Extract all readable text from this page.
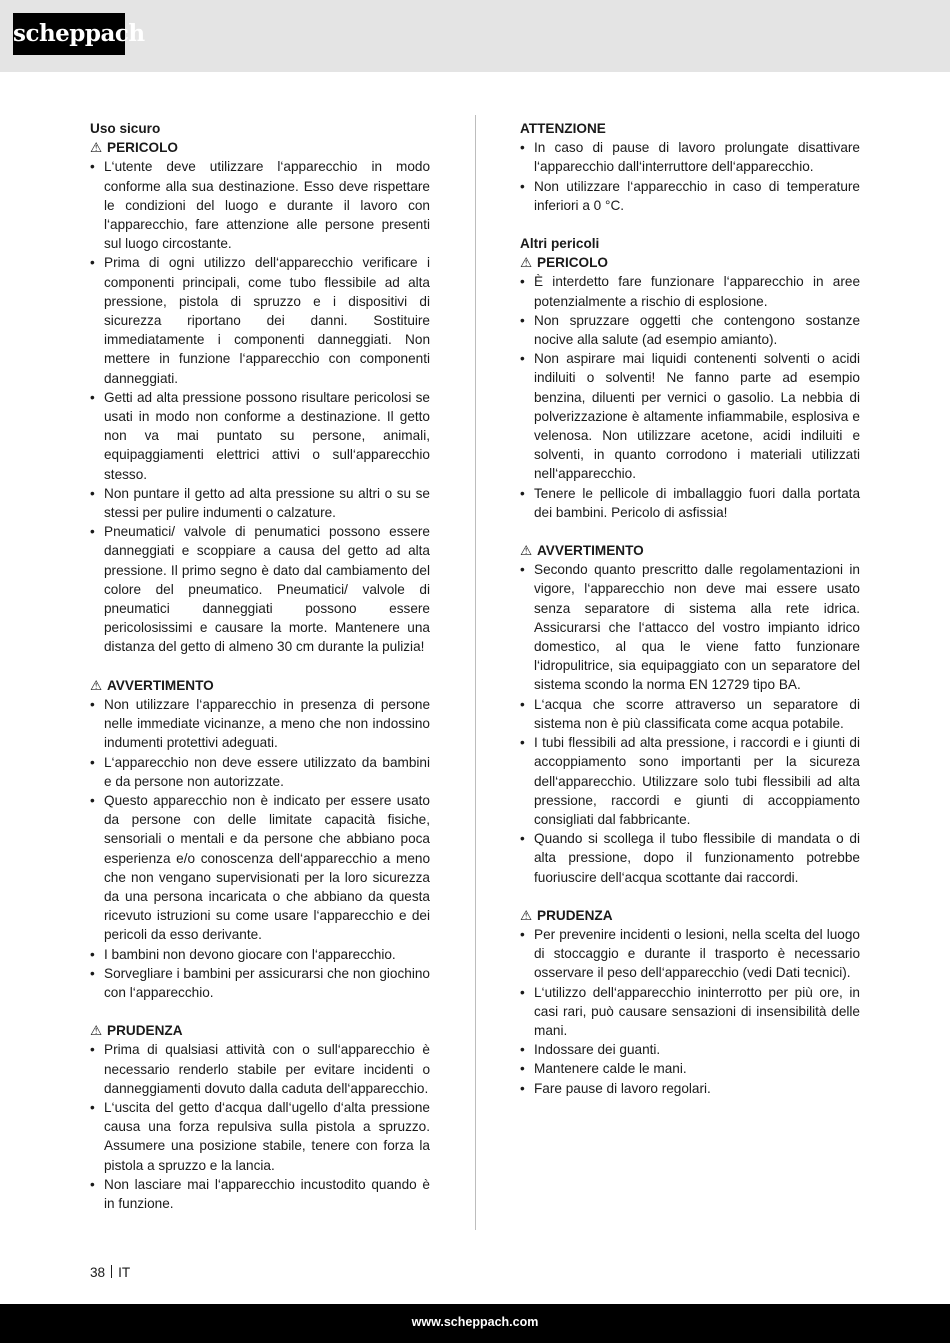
scheppach

Uso sicuro

⚠ PERICOLO

• L‘utente deve utilizzare l‘apparecchio in modo conforme alla sua destinazione. Esso deve rispettare le condizioni del luogo e durante il lavoro con l‘apparecchio, fare attenzione alle persone presenti sul luogo circostante.
• Prima di ogni utilizzo dell‘apparecchio verificare i componenti principali, come tubo flessibile ad alta pressione, pistola di spruzzo e i dispositivi di sicurezza riportano dei danni. Sostituire immediatamente i componenti danneggiati. Non mettere in funzione l‘apparecchio con componenti danneggiati.
• Getti ad alta pressione possono risultare pericolosi se usati in modo non conforme a destinazione. Il getto non va mai puntato su persone, animali, equipaggiamenti elettrici attivi o sull‘apparecchio stesso.
• Non puntare il getto ad alta pressione su altri o su se stessi per pulire indumenti o calzature.
• Pneumatici/ valvole di penumatici possono essere danneggiati e scoppiare a causa del getto ad alta pressione. Il primo segno è dato dal cambiamento del colore del pneumatico. Pneumatici/ valvole di pneumatici danneggiati possono essere pericolosissimi e causare la morte. Mantenere una distanza del getto di almeno 30 cm durante la pulizia!

⚠ AVVERTIMENTO

• Non utilizzare l‘apparecchio in presenza di persone nelle immediate vicinanze, a meno che non indossino indumenti protettivi adeguati.
• L‘apparecchio non deve essere utilizzato da bambini e da persone non autorizzate.
• Questo apparecchio non è indicato per essere usato da persone con delle limitate capacità fisiche, sensoriali o mentali e da persone che abbiano poca esperienza e/o conoscenza dell‘apparecchio a meno che non vengano supervisionati per la loro sicurezza da una persona incaricata o che abbiano da questa ricevuto istruzioni su come usare l‘apparecchio e dei pericoli da esso derivante.
• I bambini non devono giocare con l‘apparecchio.
• Sorvegliare i bambini per assicurarsi che non giochino con l‘apparecchio.

⚠ PRUDENZA

• Prima di qualsiasi attività con o sull‘apparecchio è necessario renderlo stabile per evitare incidenti o danneggiamenti dovuto dalla caduta dell‘apparecchio.
• L‘uscita del getto d‘acqua dall‘ugello d‘alta pressione causa una forza repulsiva sulla pistola a spruzzo. Assumere una posizione stabile, tenere con forza la pistola a spruzzo e la lancia.
• Non lasciare mai l‘apparecchio incustodito quando è in funzione.

ATTENZIONE

• In caso di pause di lavoro prolungate disattivare l‘apparecchio dall‘interruttore dell‘apparecchio.
• Non utilizzare l‘apparecchio in caso di temperature inferiori a 0 °C.

Altri pericoli

⚠ PERICOLO

• È interdetto fare funzionare l‘apparecchio in aree potenzialmente a rischio di esplosione.
• Non spruzzare oggetti che contengono sostanze nocive alla salute (ad esempio amianto).
• Non aspirare mai liquidi contenenti solventi o acidi indiluiti o solventi! Ne fanno parte ad esempio benzina, diluenti per vernici o gasolio. La nebbia di polverizzazione è altamente infiammabile, esplosiva e velenosa. Non utilizzare acetone, acidi indiluiti e solventi, in quanto corrodono i materiali utilizzati nell‘apparecchio.
• Tenere le pellicole di imballaggio fuori dalla portata dei bambini. Pericolo di asfissia!

⚠ AVVERTIMENTO

• Secondo quanto prescritto dalle regolamentazioni in vigore, l‘apparecchio non deve mai essere usato senza separatore di sistema alla rete idrica. Assicurarsi che l‘attacco del vostro impianto idrico domestico, al qua le viene fatto funzionare l‘idropulitrice, sia equipaggiato con un separatore del sistema scondo la norma EN 12729 tipo BA.
• L‘acqua che scorre attraverso un separatore di sistema non è più classificata come acqua potabile.
• I tubi flessibili ad alta pressione, i raccordi e i giunti di accoppiamento sono importanti per la sicureza dell‘apparecchio. Utilizzare solo tubi flessibili ad alta pressione, raccordi e giunti di accoppiamento consigliati dal fabbricante.
• Quando si scollega il tubo flessibile di mandata o di alta pressione, dopo il funzionamento potrebbe fuoriuscire dell‘acqua scottante dai raccordi.

⚠ PRUDENZA

• Per prevenire incidenti o lesioni, nella scelta del luogo di stoccaggio e durante il trasporto è necessario osservare il peso dell‘apparecchio (vedi Dati tecnici).
• L‘utilizzo dell‘apparecchio ininterrotto per più ore, in casi rari, può causare sensazioni di insensibilità delle mani.
• Indossare dei guanti.
• Mantenere calde le mani.
• Fare pause di lavoro regolari.
38 IT
www.scheppach.com
